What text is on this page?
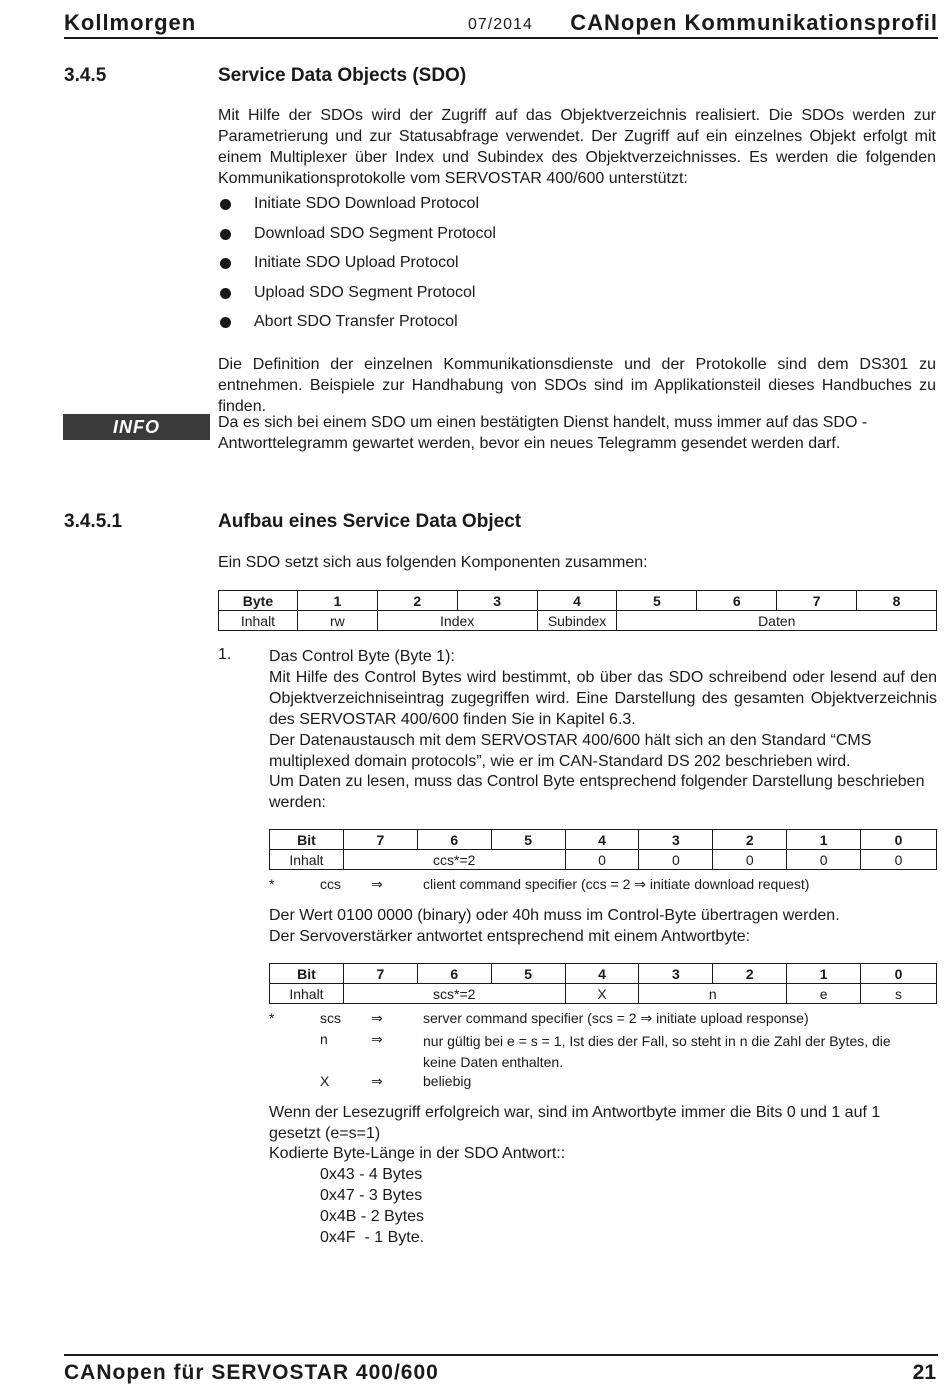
Kollmorgen	07/2014 CANopen Kommunikationsprofil
3.4.5	Service Data Objects (SDO)
Mit Hilfe der SDOs wird der Zugriff auf das Objektverzeichnis realisiert. Die SDOs werden zur Parametrierung und zur Statusabfrage verwendet. Der Zugriff auf ein einzelnes Objekt erfolgt mit einem Multiplexer über Index und Subindex des Objektverzeichnisses. Es werden die folgenden Kommunikationsprotokolle vom SERVOSTAR 400/600 unterstützt:
Initiate SDO Download Protocol
Download SDO Segment Protocol
Initiate SDO Upload Protocol
Upload SDO Segment Protocol
Abort SDO Transfer Protocol
Die Definition der einzelnen Kommunikationsdienste und der Protokolle sind dem DS301 zu entnehmen. Beispiele zur Handhabung von SDOs sind im Applikationsteil dieses Handbuches zu finden.
INFO	Da es sich bei einem SDO um einen bestätigten Dienst handelt, muss immer auf das SDO - Antworttelegramm gewartet werden, bevor ein neues Telegramm gesendet werden darf.
3.4.5.1	Aufbau eines Service Data Object
Ein SDO setzt sich aus folgenden Komponenten zusammen:
Byte	1	2	3	4	5	6	7	8
Inhalt	rw	Index		Subindex	Daten			
1. Das Control Byte (Byte 1):
Mit Hilfe des Control Bytes wird bestimmt, ob über das SDO schreibend oder lesend auf den Objektverzeichniseintrag zugegriffen wird. Eine Darstellung des gesamten Objektverzeichnis des SERVOSTAR 400/600 finden Sie in Kapitel 6.3.
Der Datenaustausch mit dem SERVOSTAR 400/600 hält sich an den Standard “CMS multiplexed domain protocols”, wie er im CAN-Standard DS 202 beschrieben wird.
Um Daten zu lesen, muss das Control Byte entsprechend folgender Darstellung beschrieben werden:
Bit	7	6	5	4	3	2	1	0
Inhalt	ccs*=2			0	0	0	0	0
*	ccs ⇒	client command specifier (ccs = 2 ⇒ initiate download request)
Der Wert 0100 0000 (binary) oder 40h muss im Control-Byte übertragen werden.
Der Servoverstärker antwortet entsprechend mit einem Antwortbyte:
Bit	7	6	5	4	3	2	1	0
Inhalt	scs*=2			X	n		e	s
*	scs ⇒	server command specifier (scs = 2 ⇒ initiate upload response)
n	⇒	nur gültig bei e = s = 1, Ist dies der Fall, so steht in n die Zahl der Bytes, die keine Daten enthalten.
X	⇒	beliebig
Wenn der Lesezugriff erfolgreich war, sind im Antwortbyte immer die Bits 0 und 1 auf 1 gesetzt (e=s=1)
Kodierte Byte-Länge in der SDO Antwort::
0x43 - 4 Bytes
0x47 - 3 Bytes
0x4B - 2 Bytes
0x4F  - 1 Byte.
CANopen für SERVOSTAR 400/600	21
